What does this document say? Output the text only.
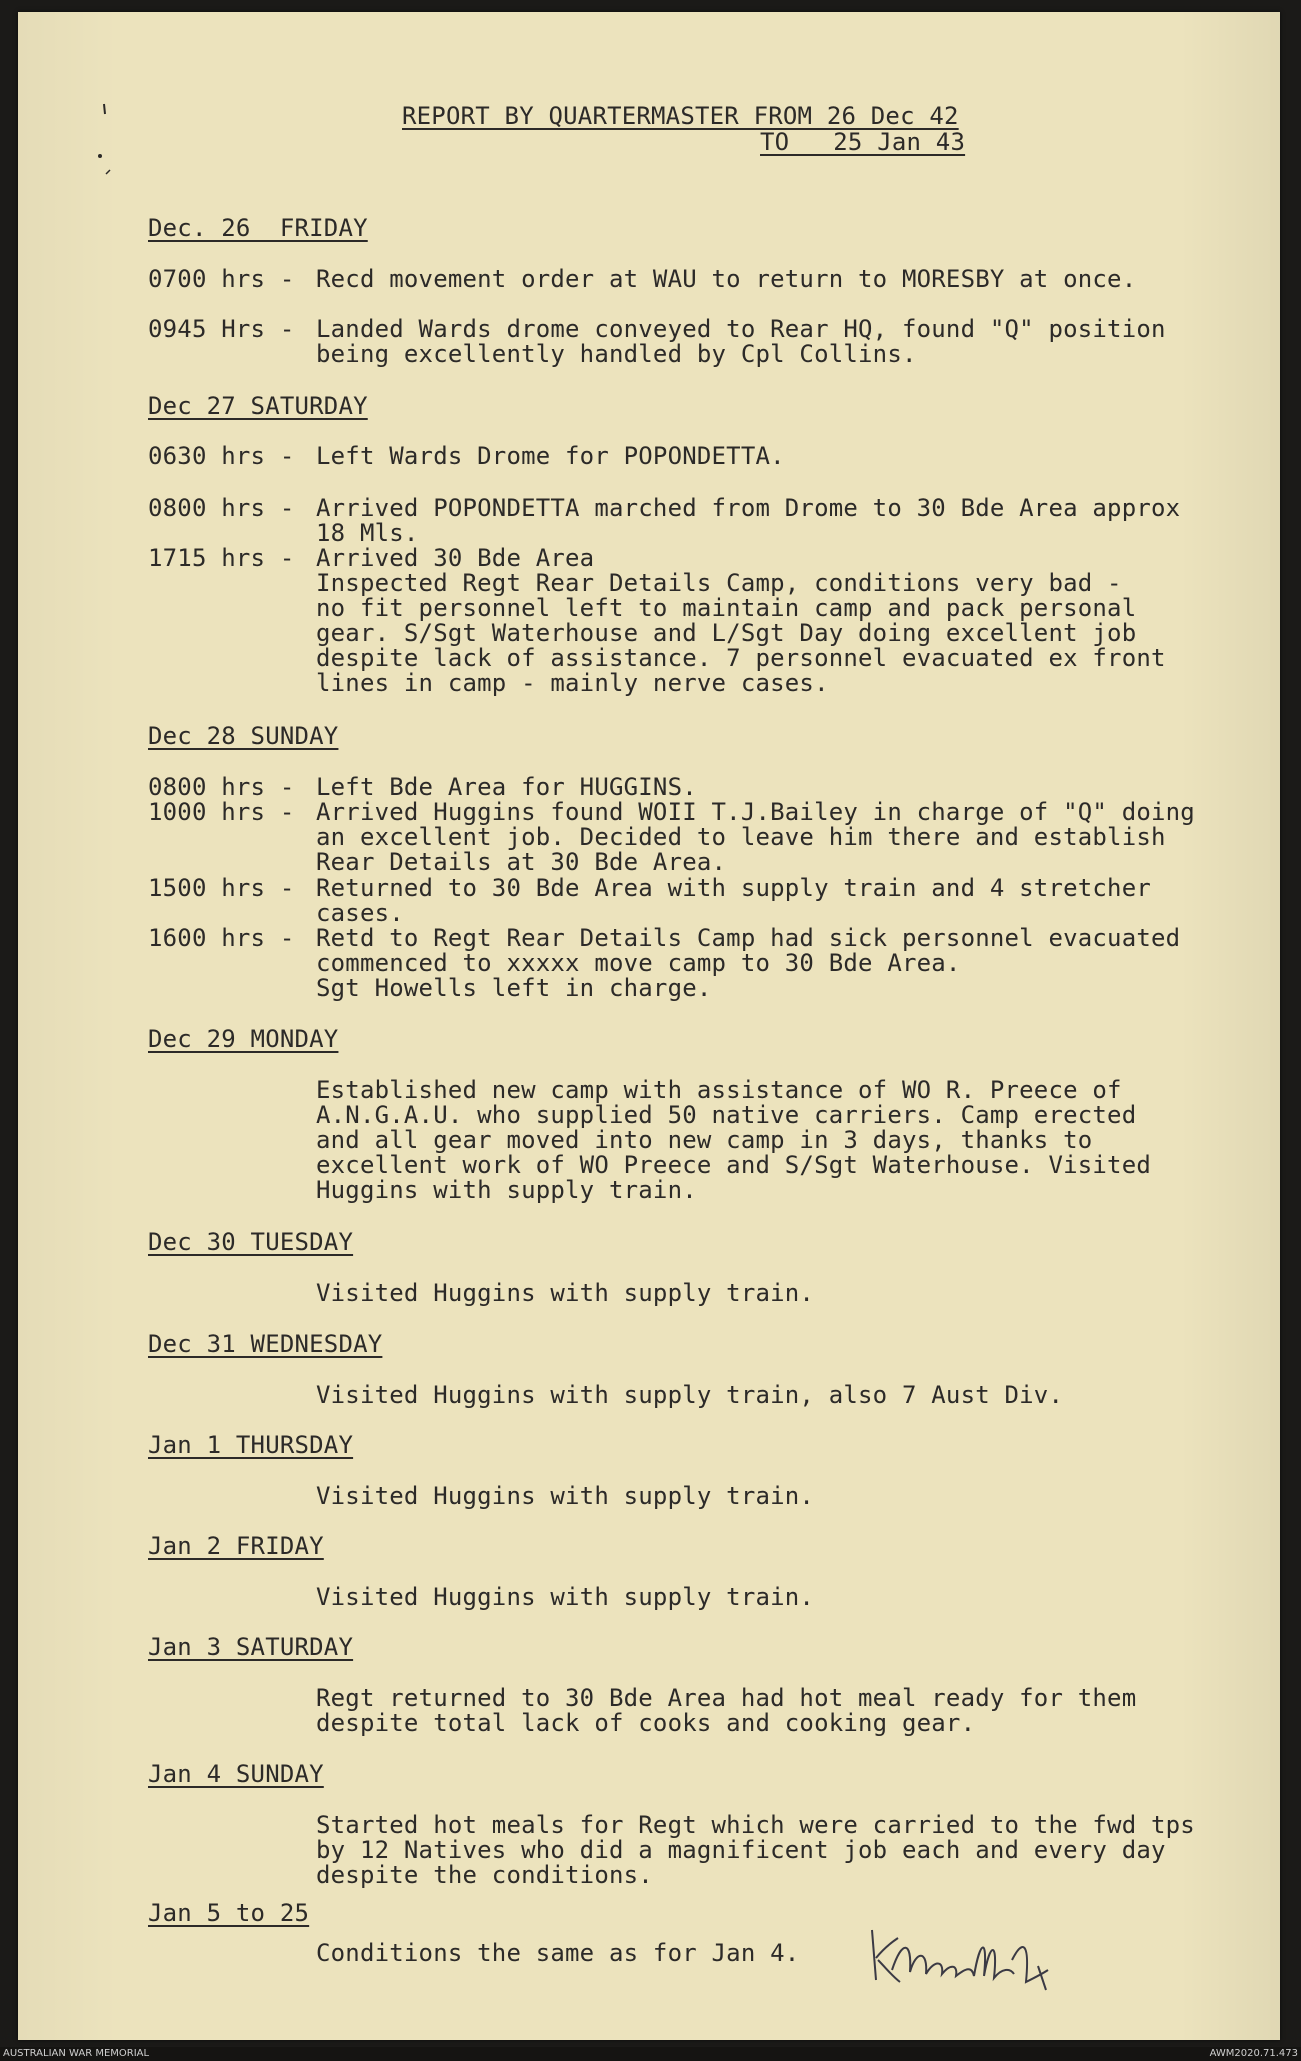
REPORT BY QUARTERMASTER FROM 26 Dec 42
TO   25 Jan 43
Dec. 26  FRIDAY
0700 hrs - Recd movement order at WAU to return to MORESBY at once.
0945 Hrs - Landed Wards drome conveyed to Rear HQ, found "Q" position
being excellently handled by Cpl Collins.
Dec 27 SATURDAY
0630 hrs - Left Wards Drome for POPONDETTA.
0800 hrs - Arrived POPONDETTA marched from Drome to 30 Bde Area approx
18 Mls.
1715 hrs - Arrived 30 Bde Area
Inspected Regt Rear Details Camp, conditions very bad -
no fit personnel left to maintain camp and pack personal
gear. S/Sgt Waterhouse and L/Sgt Day doing excellent job
despite lack of assistance. 7 personnel evacuated ex front
lines in camp - mainly nerve cases.
Dec 28 SUNDAY
0800 hrs - Left Bde Area for HUGGINS.
1000 hrs - Arrived Huggins found WOII T.J.Bailey in charge of "Q" doing
an excellent job. Decided to leave him there and establish
Rear Details at 30 Bde Area.
1500 hrs - Returned to 30 Bde Area with supply train and 4 stretcher
cases.
1600 hrs - Retd to Regt Rear Details Camp had sick personnel evacuated
commenced to xxxxx move camp to 30 Bde Area.
Sgt Howells left in charge.
Dec 29 MONDAY
Established new camp with assistance of WO R. Preece of
A.N.G.A.U. who supplied 50 native carriers. Camp erected
and all gear moved into new camp in 3 days, thanks to
excellent work of WO Preece and S/Sgt Waterhouse. Visited
Huggins with supply train.
Dec 30 TUESDAY
Visited Huggins with supply train.
Dec 31 WEDNESDAY
Visited Huggins with supply train, also 7 Aust Div.
Jan 1 THURSDAY
Visited Huggins with supply train.
Jan 2 FRIDAY
Visited Huggins with supply train.
Jan 3 SATURDAY
Regt returned to 30 Bde Area had hot meal ready for them
despite total lack of cooks and cooking gear.
Jan 4 SUNDAY
Started hot meals for Regt which were carried to the fwd tps
by 12 Natives who did a magnificent job each and every day
despite the conditions.
Jan 5 to 25
Conditions the same as for Jan 4.
AUSTRALIAN WAR MEMORIAL	AWM2020.71.473
